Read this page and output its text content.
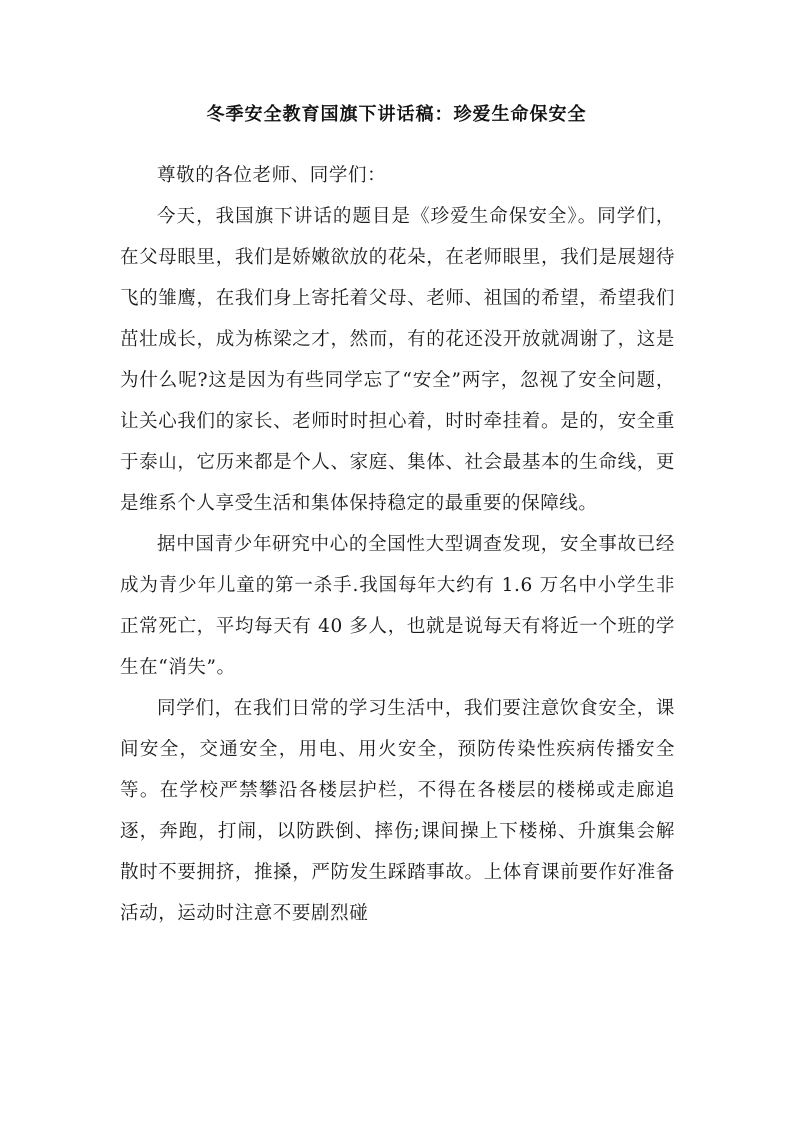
冬季安全教育国旗下讲话稿：珍爱生命保安全

尊敬的各位老师、同学们：

今天，我国旗下讲话的题目是《珍爱生命保安全》。同学们，在父母眼里，我们是娇嫩欲放的花朵，在老师眼里，我们是展翅待飞的雏鹰，在我们身上寄托着父母、老师、祖国的希望，希望我们茁壮成长，成为栋梁之才，然而，有的花还没开放就凋谢了，这是为什么呢?这是因为有些同学忘了“安全”两字，忽视了安全问题，让关心我们的家长、老师时时担心着，时时牵挂着。是的，安全重于泰山，它历来都是个人、家庭、集体、社会最基本的生命线，更是维系个人享受生活和集体保持稳定的最重要的保障线。

据中国青少年研究中心的全国性大型调查发现，安全事故已经成为青少年儿童的第一杀手.我国每年大约有 1.6 万名中小学生非正常死亡，平均每天有 40 多人，也就是说每天有将近一个班的学生在“消失”。

同学们，在我们日常的学习生活中，我们要注意饮食安全，课间安全，交通安全，用电、用火安全，预防传染性疾病传播安全等。在学校严禁攀沿各楼层护栏，不得在各楼层的楼梯或走廊追逐，奔跑，打闹，以防跌倒、摔伤;课间操上下楼梯、升旗集会解散时不要拥挤，推搡，严防发生踩踏事故。上体育课前要作好准备活动，运动时注意不要剧烈碰
